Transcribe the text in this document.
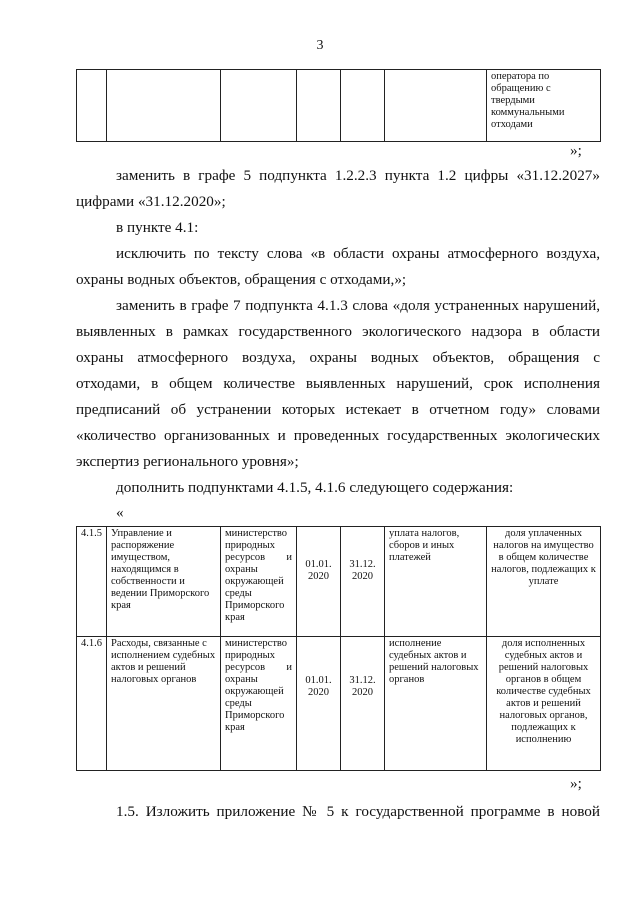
3
						оператора по обращению с твердыми коммунальными отходами
»;
заменить в графе 5 подпункта 1.2.2.3 пункта 1.2 цифры «31.12.2027»
цифрами «31.12.2020»;
в пункте 4.1:
исключить по тексту слова «в области охраны атмосферного воздуха,
охраны водных объектов, обращения с отходами,»;
заменить в графе 7 подпункта 4.1.3 слова «доля устраненных нарушений,
выявленных в рамках государственного экологического надзора в области
охраны атмосферного воздуха, охраны водных объектов, обращения с
отходами, в общем количестве выявленных нарушений, срок исполнения
предписаний об устранении которых истекает в отчетном году» словами
«количество организованных и проведенных государственных экологических
экспертиз регионального уровня»;
дополнить подпунктами 4.1.5, 4.1.6 следующего содержания:
«
4.1.5	Управление и распоряжение имуществом, находящимся в собственности и ведении Приморского края	министерство природных ресурсов и охраны окружающей среды Приморского края	01.01. 2020	31.12. 2020	уплата налогов, сборов и иных платежей	доля уплаченных налогов на имущество в общем количестве налогов, подлежащих к уплате
4.1.6	Расходы, связанные с исполнением судебных актов и решений налоговых органов	министерство природных ресурсов и охраны окружающей среды Приморского края	01.01. 2020	31.12. 2020	исполнение судебных актов и решений налоговых органов	доля исполненных судебных актов и решений налоговых органов в общем количестве судебных актов и решений налоговых органов, подлежащих к исполнению
»;
1.5. Изложить приложение № 5 к государственной программе в новой
